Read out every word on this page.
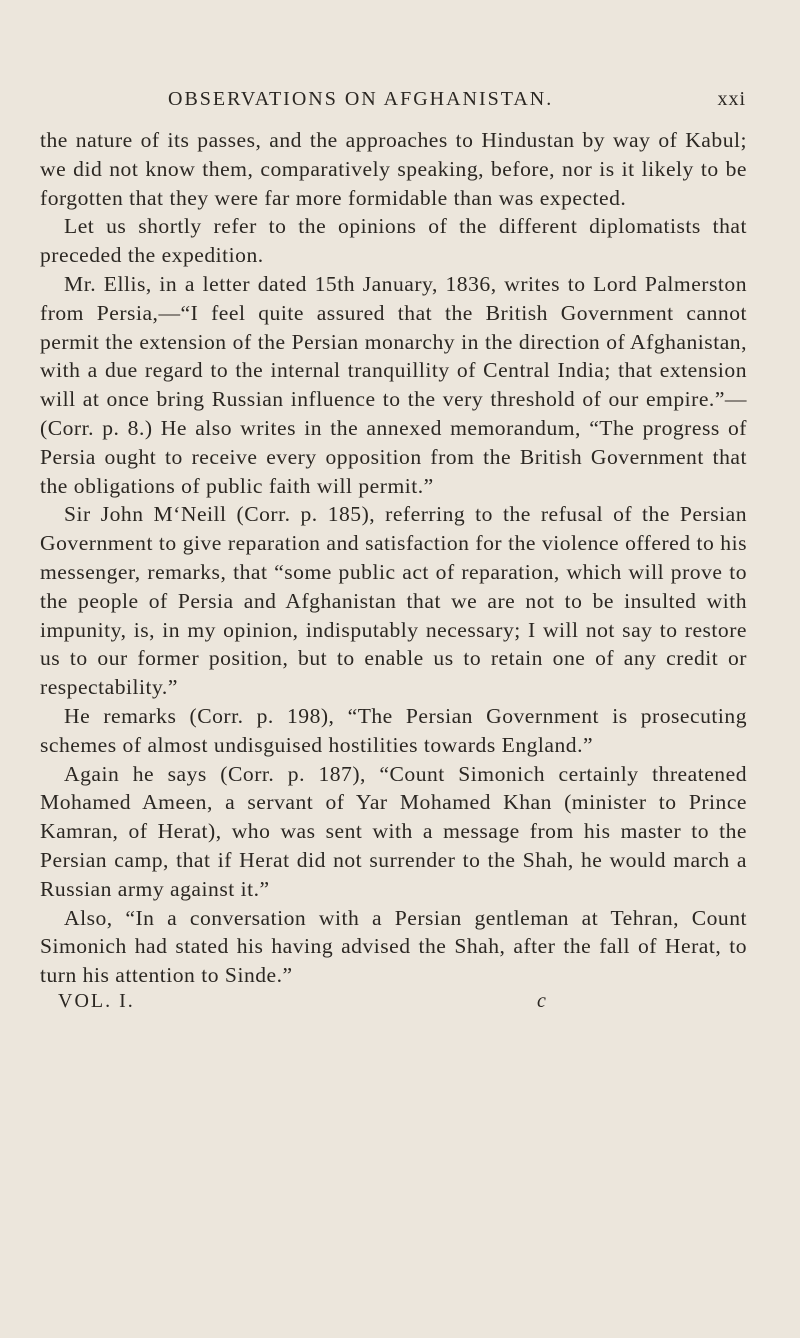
OBSERVATIONS ON AFGHANISTAN.	xxi

the nature of its passes, and the approaches to Hindustan by way of Kabul; we did not know them, comparatively speaking, before, nor is it likely to be forgotten that they were far more formidable than was expected.

Let us shortly refer to the opinions of the different diplomatists that preceded the expedition.

Mr. Ellis, in a letter dated 15th January, 1836, writes to Lord Palmerston from Persia,—“I feel quite assured that the British Government cannot permit the extension of the Persian monarchy in the direction of Afghanistan, with a due regard to the internal tranquillity of Central India; that extension will at once bring Russian influence to the very threshold of our empire.”—(Corr. p. 8.) He also writes in the annexed memorandum, “The progress of Persia ought to receive every opposition from the British Government that the obligations of public faith will permit.”

Sir John M‘Neill (Corr. p. 185), referring to the refusal of the Persian Government to give reparation and satisfaction for the violence offered to his messenger, remarks, that “some public act of reparation, which will prove to the people of Persia and Afghanistan that we are not to be insulted with impunity, is, in my opinion, indisputably necessary; I will not say to restore us to our former position, but to enable us to retain one of any credit or respectability.”

He remarks (Corr. p. 198), “The Persian Government is prosecuting schemes of almost undisguised hostilities towards England.”

Again he says (Corr. p. 187), “Count Simonich certainly threatened Mohamed Ameen, a servant of Yar Mohamed Khan (minister to Prince Kamran, of Herat), who was sent with a message from his master to the Persian camp, that if Herat did not surrender to the Shah, he would march a Russian army against it.”

Also, “In a conversation with a Persian gentleman at Tehran, Count Simonich had stated his having advised the Shah, after the fall of Herat, to turn his attention to Sinde.”

VOL. I.	c
